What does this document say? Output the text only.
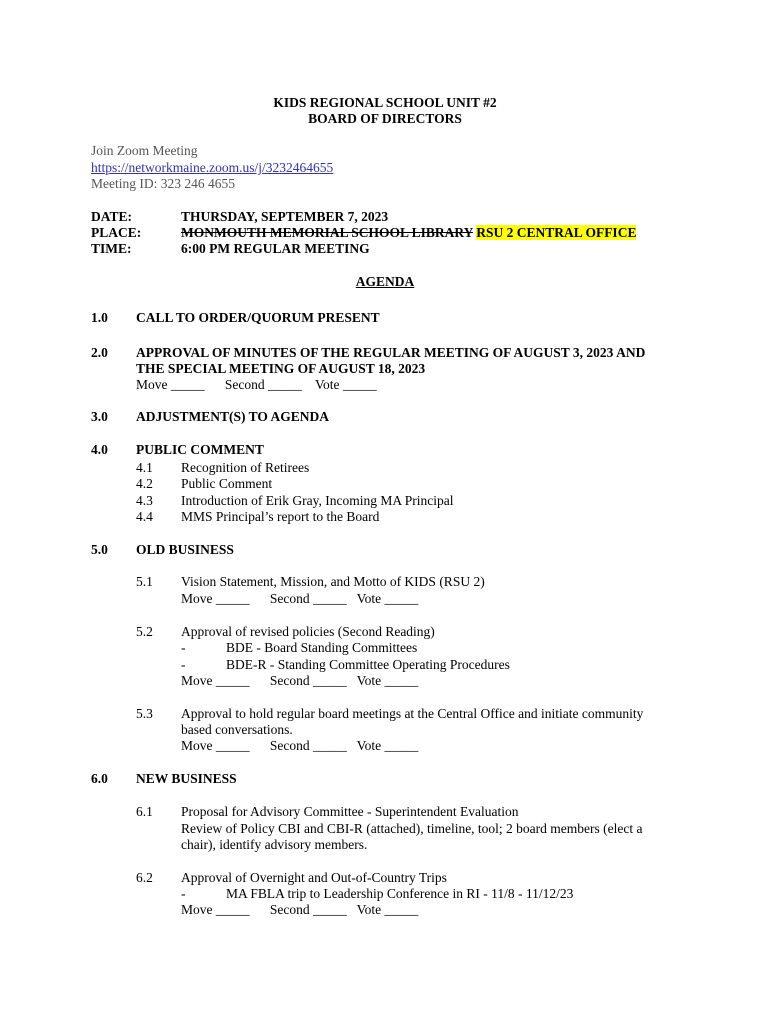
KIDS REGIONAL SCHOOL UNIT #2
BOARD OF DIRECTORS
Join Zoom Meeting
https://networkmaine.zoom.us/j/3232464655
Meeting ID: 323 246 4655
DATE:	THURSDAY, SEPTEMBER 7, 2023
PLACE:	MONMOUTH MEMORIAL SCHOOL LIBRARY RSU 2 CENTRAL OFFICE
TIME:	6:00 PM REGULAR MEETING
AGENDA
1.0 CALL TO ORDER/QUORUM PRESENT
2.0 APPROVAL OF MINUTES OF THE REGULAR MEETING OF AUGUST 3, 2023 AND
THE SPECIAL MEETING OF AUGUST 18, 2023
Move _____      Second _____    Vote _____
3.0 ADJUSTMENT(S) TO AGENDA
4.0 PUBLIC COMMENT
4.1 Recognition of Retirees
4.2 Public Comment
4.3 Introduction of Erik Gray, Incoming MA Principal
4.4 MMS Principal’s report to the Board
5.0 OLD BUSINESS
5.1 Vision Statement, Mission, and Motto of KIDS (RSU 2)
Move _____      Second _____   Vote _____
5.2 Approval of revised policies (Second Reading)
-	BDE - Board Standing Committees
-	BDE-R - Standing Committee Operating Procedures
Move _____      Second _____   Vote _____
5.3 Approval to hold regular board meetings at the Central Office and initiate community
based conversations.
Move _____      Second _____   Vote _____
6.0 NEW BUSINESS
6.1 Proposal for Advisory Committee - Superintendent Evaluation
Review of Policy CBI and CBI-R (attached), timeline, tool; 2 board members (elect a
chair), identify advisory members.
6.2 Approval of Overnight and Out-of-Country Trips
-	MA FBLA trip to Leadership Conference in RI - 11/8 - 11/12/23
Move _____      Second _____   Vote _____
